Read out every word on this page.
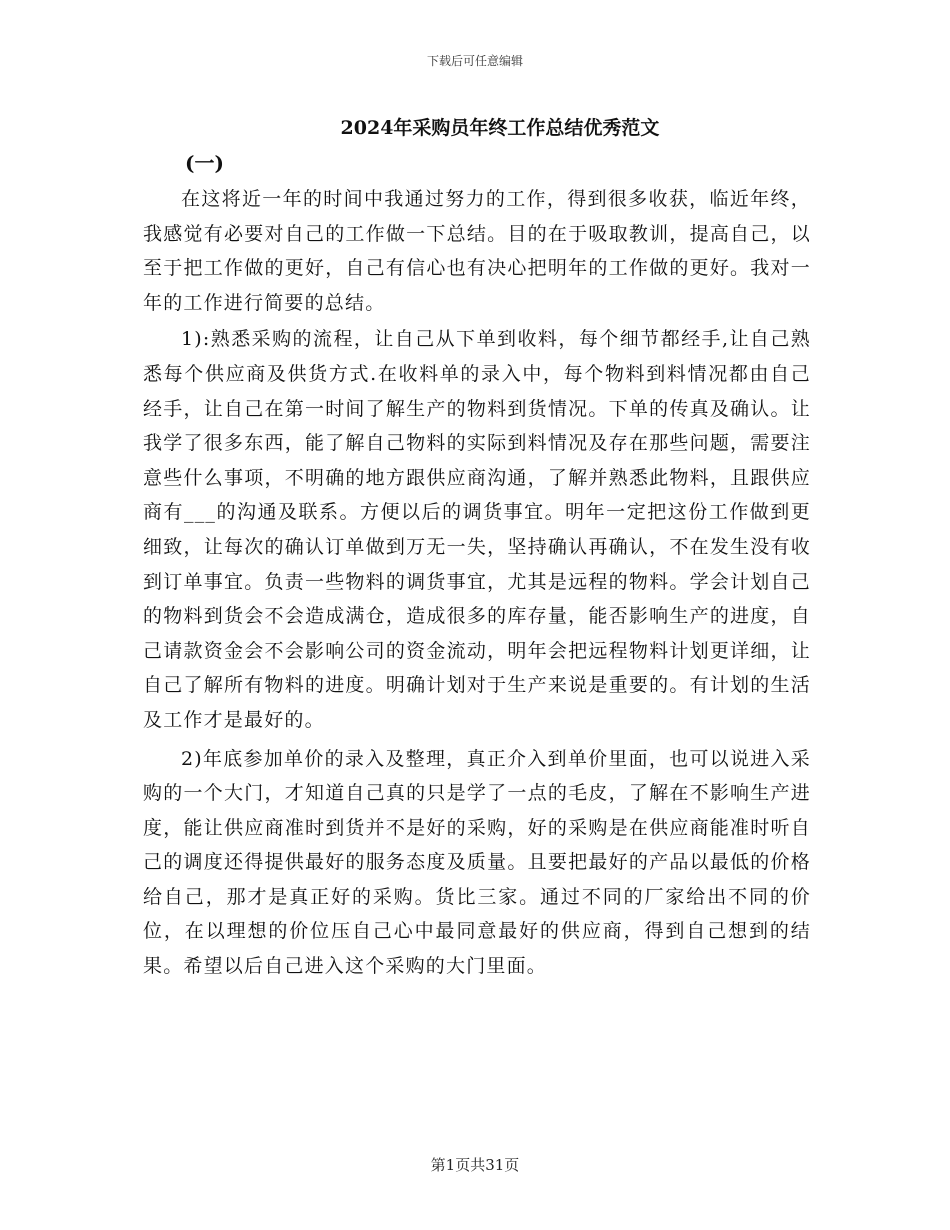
下载后可任意编辑
2024年采购员年终工作总结优秀范文

(一)

在这将近一年的时间中我通过努力的工作，得到很多收获，临近年终，我感觉有必要对自己的工作做一下总结。目的在于吸取教训，提高自己，以至于把工作做的更好，自己有信心也有决心把明年的工作做的更好。我对一年的工作进行简要的总结。

1):熟悉采购的流程，让自己从下单到收料，每个细节都经手,让自己熟悉每个供应商及供货方式.在收料单的录入中，每个物料到料情况都由自己经手，让自己在第一时间了解生产的物料到货情况。下单的传真及确认。让我学了很多东西，能了解自己物料的实际到料情况及存在那些问题，需要注意些什么事项，不明确的地方跟供应商沟通，了解并熟悉此物料，且跟供应商有___的沟通及联系。方便以后的调货事宜。明年一定把这份工作做到更细致，让每次的确认订单做到万无一失，坚持确认再确认，不在发生没有收到订单事宜。负责一些物料的调货事宜，尤其是远程的物料。学会计划自己的物料到货会不会造成满仓，造成很多的库存量，能否影响生产的进度，自己请款资金会不会影响公司的资金流动，明年会把远程物料计划更详细，让自己了解所有物料的进度。明确计划对于生产来说是重要的。有计划的生活及工作才是最好的。

2)年底参加单价的录入及整理，真正介入到单价里面，也可以说进入采购的一个大门，才知道自己真的只是学了一点的毛皮，了解在不影响生产进度，能让供应商准时到货并不是好的采购，好的采购是在供应商能准时听自己的调度还得提供最好的服务态度及质量。且要把最好的产品以最低的价格给自己，那才是真正好的采购。货比三家。通过不同的厂家给出不同的价位，在以理想的价位压自己心中最同意最好的供应商，得到自己想到的结果。希望以后自己进入这个采购的大门里面。

第1页共31页
